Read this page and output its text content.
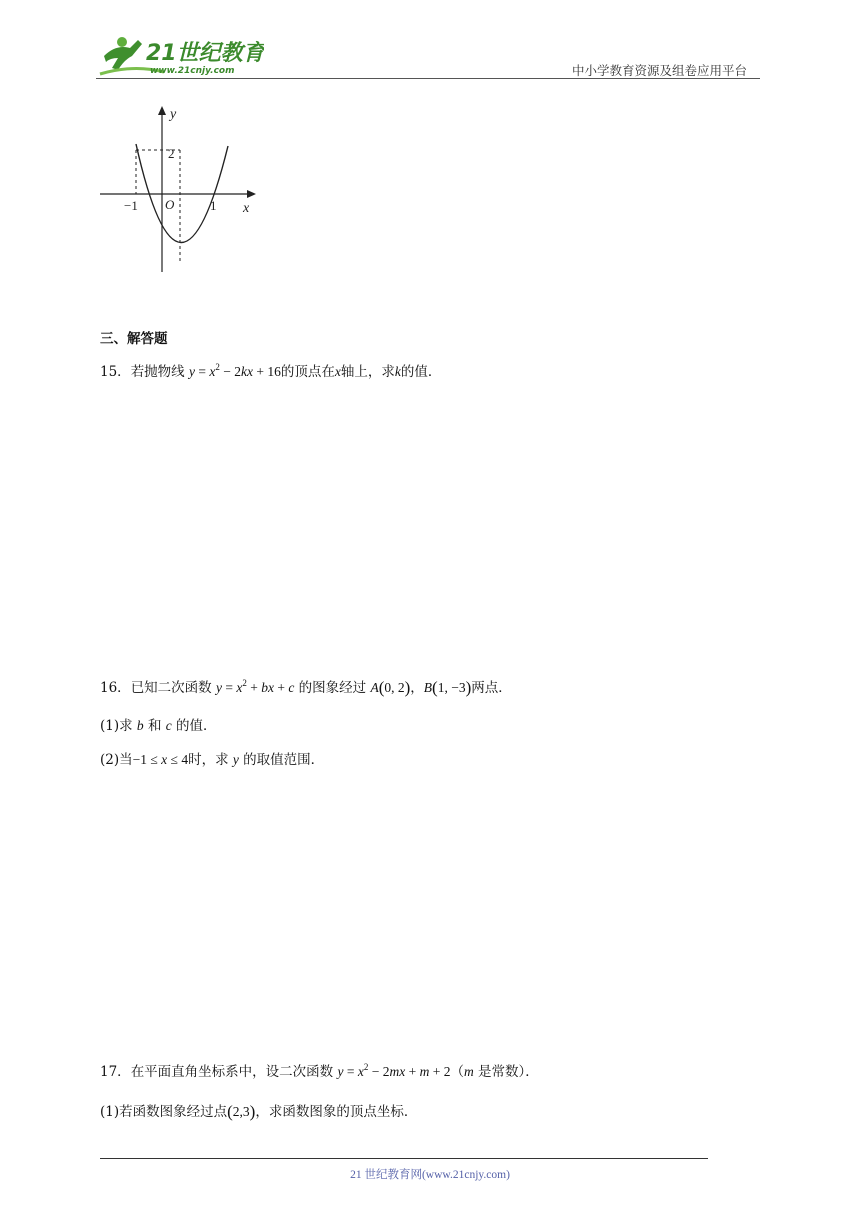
21世纪教育
www.21cnjy.com	中小学教育资源及组卷应用平台
y
x
O
2
−1	1
三、解答题
15．若抛物线 $y = x^2 - 2kx + 16$的顶点在x轴上，求k的值．
16．已知二次函数 $y = x^2$ + bx + c 的图象经过 A(0, 2)，B(1, −3)两点．
(1)求 b 和 c 的值．
(2)当−1 ≤ x ≤ 4时，求 y 的取值范围．
17．在平面直角坐标系中，设二次函数 $y = x^2 - 2mx + m + 2(m$ 是常数）．
(1)若函数图象经过点(2,3)，求函数图象的顶点坐标．
21 世纪教育网(www.21cnjy.com)
